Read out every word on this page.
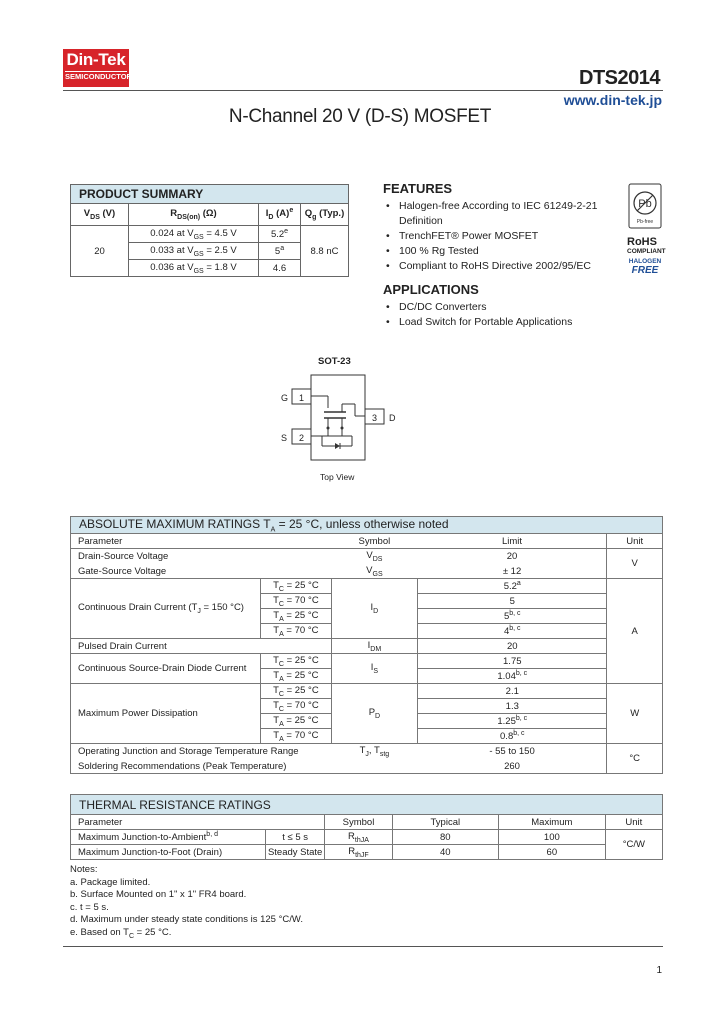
Din-Tek
SEMICONDUCTOR	DTS2014
www.din-tek.jp
N-Channel 20 V (D-S) MOSFET
PRODUCT SUMMARY			
$V_{DS}$ (V)	$R_{DS(on)}$ (Ω)	$I_D$ $(A)^e$	$Q_g$ (Typ.)
20	0.024 at $V_{GS} = 4.5$ V	5.2e	8.8 nC
	0.033 at $V_{GS} = 2.5$ V	5$^a$
	0.036 at $V_{GS} = 1.8$ V	4.6	
FEATURES
• Halogen-free According to IEC 61249-2-21
Definition
• TrenchFET® Power MOSFET
• 100 % Rg Tested
• Compliant to RoHS Directive 2002/95/EC
APPLICATIONS
• DC/DC Converters
• Load Switch for Portable Applications
Pb
Pb-free
RoHS
COMPLIANT
HALOGEN
FREE
SOT-23
G
S
D
1
2
3
Top View
ABSOLUTE MAXIMUM RATINGS $T_A = 25$ °C, unless otherwise noted				
Parameter		Symbol	Limit	Unit
Drain-Source Voltage		$V_{DS}$	20	V
Gate-Source Voltage		$V_{GS}$	± 12	
Continuous Drain Current ($T_J = 150$ °C)	$T_C = 25$ °C	$I_D$	5.2$^a$	A
	$T_C = 70$ °C		5	
	$T_A = 25$ °C		5$^{b, c}$
	$T_A = 70$ °C		4$^{b, c}$
Pulsed Drain Current		$I_{DM}$	20	
Continuous Source-Drain Diode Current	$T_C = 25$ °C	$I_S$	1.75	
	$T_A = 25$ °C		1.04$^{b, c}$
Maximum Power Dissipation	$T_C = 25$ °C	$P_D$	2.1	W
	$T_C = 70$ °C		1.3	
	$T_A = 25$ °C		1.25$^{b, c}$
	$T_A = 70$ °C		0.8$^{b, c}$
Operating Junction and Storage Temperature Range		$T_J$, $T_{stg}$	- 55 to 150	°C
Soldering Recommendations (Peak Temperature)			260	
THERMAL RESISTANCE RATINGS					
Parameter		Symbol	Typical	Maximum	Unit
Maximum Junction-to-Ambient$^{b, d}$	t ≤ 5 s	$R_{thJA}$	80	100	°C/W
Maximum Junction-to-Foot (Drain)	Steady State	$R_{thJF}$	40	60	
Notes:
a. Package limited.
b. Surface Mounted on 1" x 1" FR4 board.
c. t = 5 s.
d. Maximum under steady state conditions is 125 °C/W.
e. Based on $T_C = 25$ °C.
1
